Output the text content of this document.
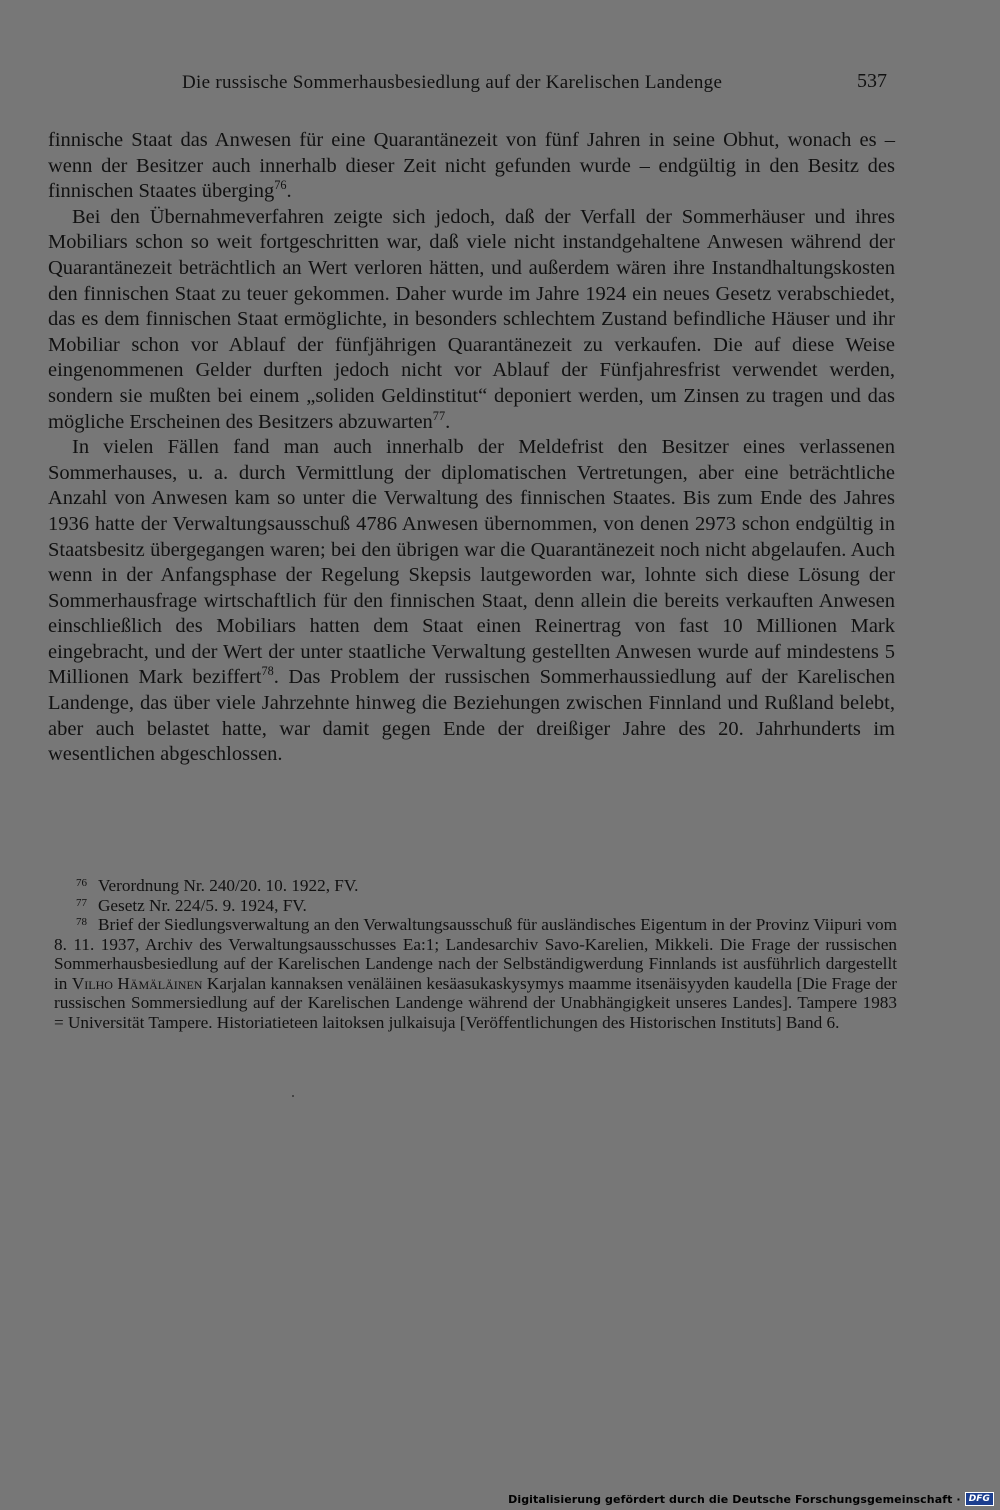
Die russische Sommerhausbesiedlung auf der Karelischen Landenge	537

finnische Staat das Anwesen für eine Quarantänezeit von fünf Jahren in seine Obhut, wonach es – wenn der Besitzer auch innerhalb dieser Zeit nicht gefunden wurde – endgültig in den Besitz des finnischen Staates überging$^{76}$.

Bei den Übernahmeverfahren zeigte sich jedoch, daß der Verfall der Sommerhäuser und ihres Mobiliars schon so weit fortgeschritten war, daß viele nicht instandgehaltene Anwesen während der Quarantänezeit beträchtlich an Wert verloren hätten, und außerdem wären ihre Instandhaltungskosten den finnischen Staat zu teuer gekommen. Daher wurde im Jahre 1924 ein neues Gesetz verabschiedet, das es dem finnischen Staat ermöglichte, in besonders schlechtem Zustand befindliche Häuser und ihr Mobiliar schon vor Ablauf der fünfjährigen Quarantänezeit zu verkaufen. Die auf diese Weise eingenommenen Gelder durften jedoch nicht vor Ablauf der Fünfjahresfrist verwendet werden, sondern sie mußten bei einem „soliden Geldinstitut“ deponiert werden, um Zinsen zu tragen und das mögliche Erscheinen des Besitzers abzuwarten$^{77}$.

In vielen Fällen fand man auch innerhalb der Meldefrist den Besitzer eines verlassenen Sommerhauses, u. a. durch Vermittlung der diplomatischen Vertretungen, aber eine beträchtliche Anzahl von Anwesen kam so unter die Verwaltung des finnischen Staates. Bis zum Ende des Jahres 1936 hatte der Verwaltungsausschuß 4786 Anwesen übernommen, von denen 2973 schon endgültig in Staatsbesitz übergegangen waren; bei den übrigen war die Quarantänezeit noch nicht abgelaufen. Auch wenn in der Anfangsphase der Regelung Skepsis lautgeworden war, lohnte sich diese Lösung der Sommerhausfrage wirtschaftlich für den finnischen Staat, denn allein die bereits verkauften Anwesen einschließlich des Mobiliars hatten dem Staat einen Reinertrag von fast 10 Millionen Mark eingebracht, und der Wert der unter staatliche Verwaltung gestellten Anwesen wurde auf mindestens 5 Millionen Mark beziffert$^{78}$. Das Problem der russischen Sommerhaussiedlung auf der Karelischen Landenge, das über viele Jahrzehnte hinweg die Beziehungen zwischen Finnland und Rußland belebt, aber auch belastet hatte, war damit gegen Ende der dreißiger Jahre des 20. Jahrhunderts im wesentlichen abgeschlossen.

76 Verordnung Nr. 240/20. 10. 1922, FV.

77 Gesetz Nr. 224/5. 9. 1924, FV.

78 Brief der Siedlungsverwaltung an den Verwaltungsausschuß für ausländisches Eigentum in der Provinz Viipuri vom 8. 11. 1937, Archiv des Verwaltungsausschusses Ea:1; Landesarchiv Savo-Karelien, Mikkeli. Die Frage der russischen Sommerhausbesiedlung auf der Karelischen Landenge nach der Selbständigwerdung Finnlands ist ausführlich dargestellt in Vilho Hämäläinen Karjalan kannaksen venäläinen kesäasukaskysymys maamme itsenäisyyden kaudella [Die Frage der russischen Sommersiedlung auf der Karelischen Landenge während der Unabhängigkeit unseres Landes]. Tampere 1983 = Universität Tampere. Historiatieteen laitoksen julkaisuja [Veröffentlichungen des Historischen Instituts] Band 6.

Digitalisierung gefördert durch die Deutsche Forschungsgemeinschaft · DFG
